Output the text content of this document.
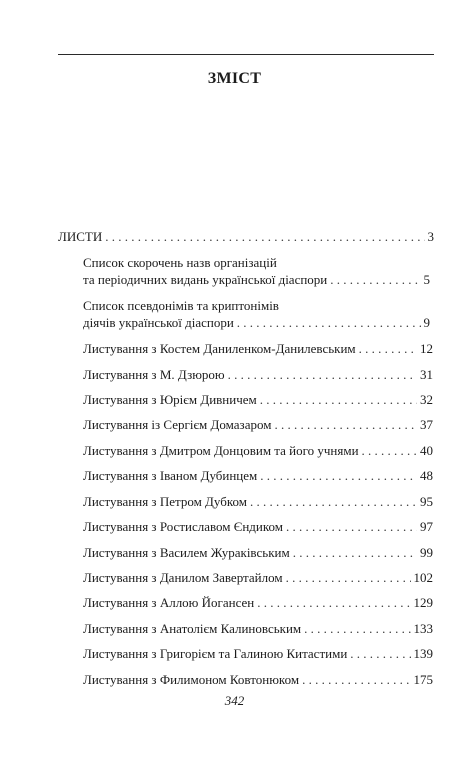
ЗМІСТ
ЛИСТИ . . .	3
Список скорочень назв організацій
та періодичних видань української діаспори . . .	5
Список псевдонімів та криптонімів
діячів української діаспори . . .	9
Листування з Костем Даниленком-Данилевським . . .	12
Листування з М. Дзюрою . . .	31
Листування з Юрієм Дивничем . . .	32
Листування із Сергієм Домазаром . . .	37
Листування з Дмитром Донцовим та його учнями . . .	40
Листування з Іваном Дубинцем . . .	48
Листування з Петром Дубком . . .	95
Листування з Ростиславом Єндиком . . .	97
Листування з Василем Жураківським . . .	99
Листування з Данилом Завертайлом . . .	102
Листування з Аллою Йогансен . . .	129
Листування з Анатолієм Калиновським . . .	133
Листування з Григорієм та Галиною Китастими . . .	139
Листування з Филимоном Ковтонюком . . .	175
342
